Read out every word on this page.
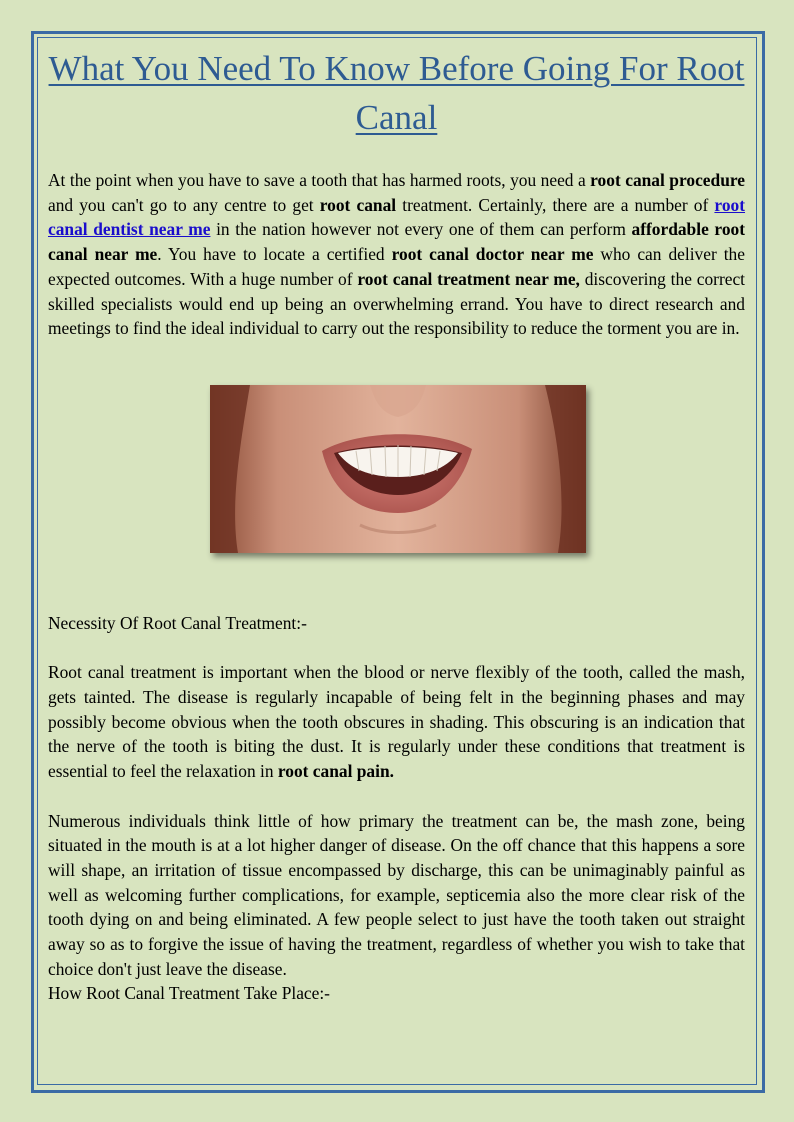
What You Need To Know Before Going For Root Canal

At the point when you have to save a tooth that has harmed roots, you need a root canal procedure and you can't go to any centre to get root canal treatment. Certainly, there are a number of root canal dentist near me in the nation however not every one of them can perform affordable root canal near me. You have to locate a certified root canal doctor near me who can deliver the expected outcomes. With a huge number of root canal treatment near me, discovering the correct skilled specialists would end up being an overwhelming errand. You have to direct research and meetings to find the ideal individual to carry out the responsibility to reduce the torment you are in.

Necessity Of Root Canal Treatment:-

Root canal treatment is important when the blood or nerve flexibly of the tooth, called the mash, gets tainted. The disease is regularly incapable of being felt in the beginning phases and may possibly become obvious when the tooth obscures in shading. This obscuring is an indication that the nerve of the tooth is biting the dust. It is regularly under these conditions that treatment is essential to feel the relaxation in root canal pain.

Numerous individuals think little of how primary the treatment can be, the mash zone, being situated in the mouth is at a lot higher danger of disease. On the off chance that this happens a sore will shape, an irritation of tissue encompassed by discharge, this can be unimaginably painful as well as welcoming further complications, for example, septicemia also the more clear risk of the tooth dying on and being eliminated. A few people select to just have the tooth taken out straight away so as to forgive the issue of having the treatment, regardless of whether you wish to take that choice don't just leave the disease.

How Root Canal Treatment Take Place:-
